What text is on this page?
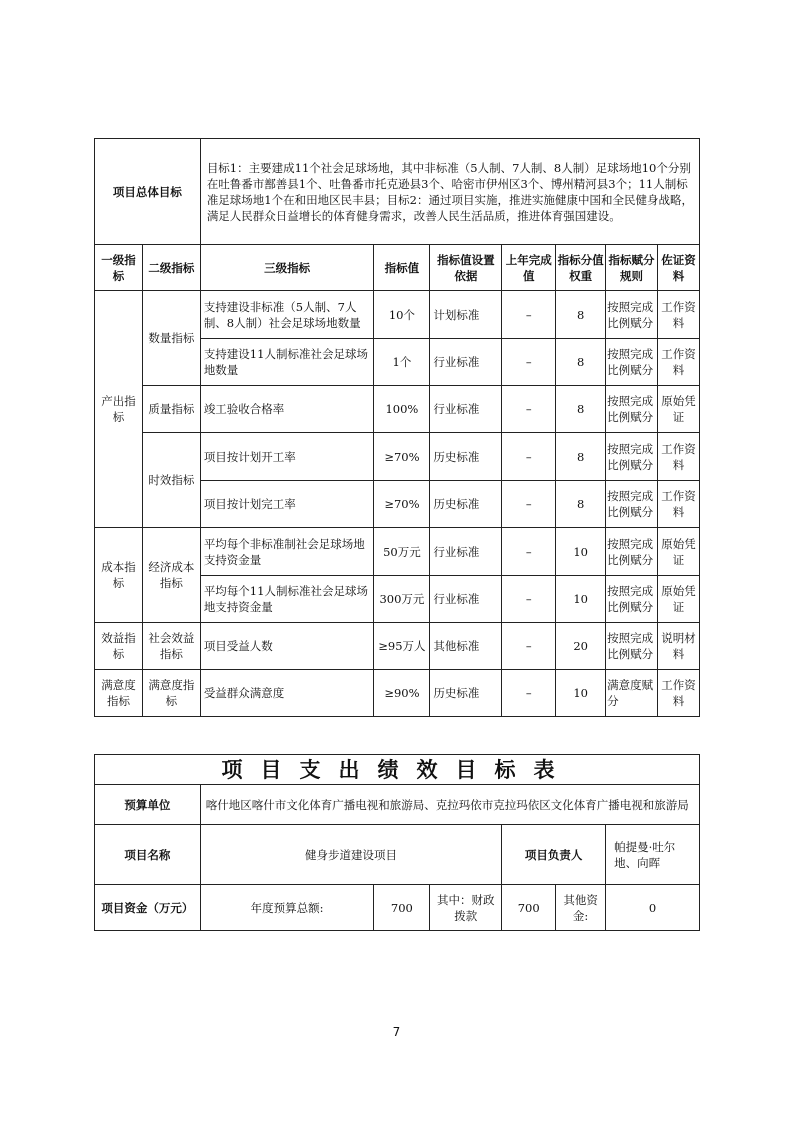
项目总体目标		目标1：主要建成11个社会足球场地，其中非标准（5人制、7人制、8人制）足球场地10个分别在吐鲁番市鄯善县1个、吐鲁番市托克逊县3个、哈密市伊州区3个、博州精河县3个；11人制标准足球场地1个在和田地区民丰县；目标2：通过项目实施，推进实施健康中国和全民健身战略，满足人民群众日益增长的体育健身需求，改善人民生活品质，推进体育强国建设。						
一级指标	二级指标	三级指标	指标值	指标值设置依据	上年完成值	指标分值权重	指标赋分规则	佐证资料
产出指标	数量指标	支持建设非标准（5人制、7人制、8人制）社会足球场地数量	10个	计划标准	–	8	按照完成比例赋分	工作资料
		支持建设11人制标准社会足球场地数量	1个	行业标准	–	8	按照完成比例赋分	工作资料
	质量指标	竣工验收合格率	100%	行业标准	–	8	按照完成比例赋分	原始凭证
	时效指标	项目按计划开工率	≥70%	历史标准	–	8	按照完成比例赋分	工作资料
		项目按计划完工率	≥70%	历史标准	–	8	按照完成比例赋分	工作资料
成本指标	经济成本指标	平均每个非标准制社会足球场地支持资金量	50万元	行业标准	–	10	按照完成比例赋分	原始凭证
		平均每个11人制标准社会足球场地支持资金量	300万元	行业标准	–	10	按照完成比例赋分	原始凭证
效益指标	社会效益指标	项目受益人数	≥95万人	其他标准	–	20	按照完成比例赋分	说明材料
满意度指标	满意度指标	受益群众满意度	≥90%	历史标准	–	10	满意度赋分	工作资料
项目支出绩效目标表						
预算单位	喀什地区喀什市文化体育广播电视和旅游局、克拉玛依市克拉玛依区文化体育广播电视和旅游局					
项目名称	健身步道建设项目			项目负责人		帕提曼·吐尔地、向晖
项目资金（万元）	年度预算总额:	700	其中：财政拨款	700	其他资金:	0
7
